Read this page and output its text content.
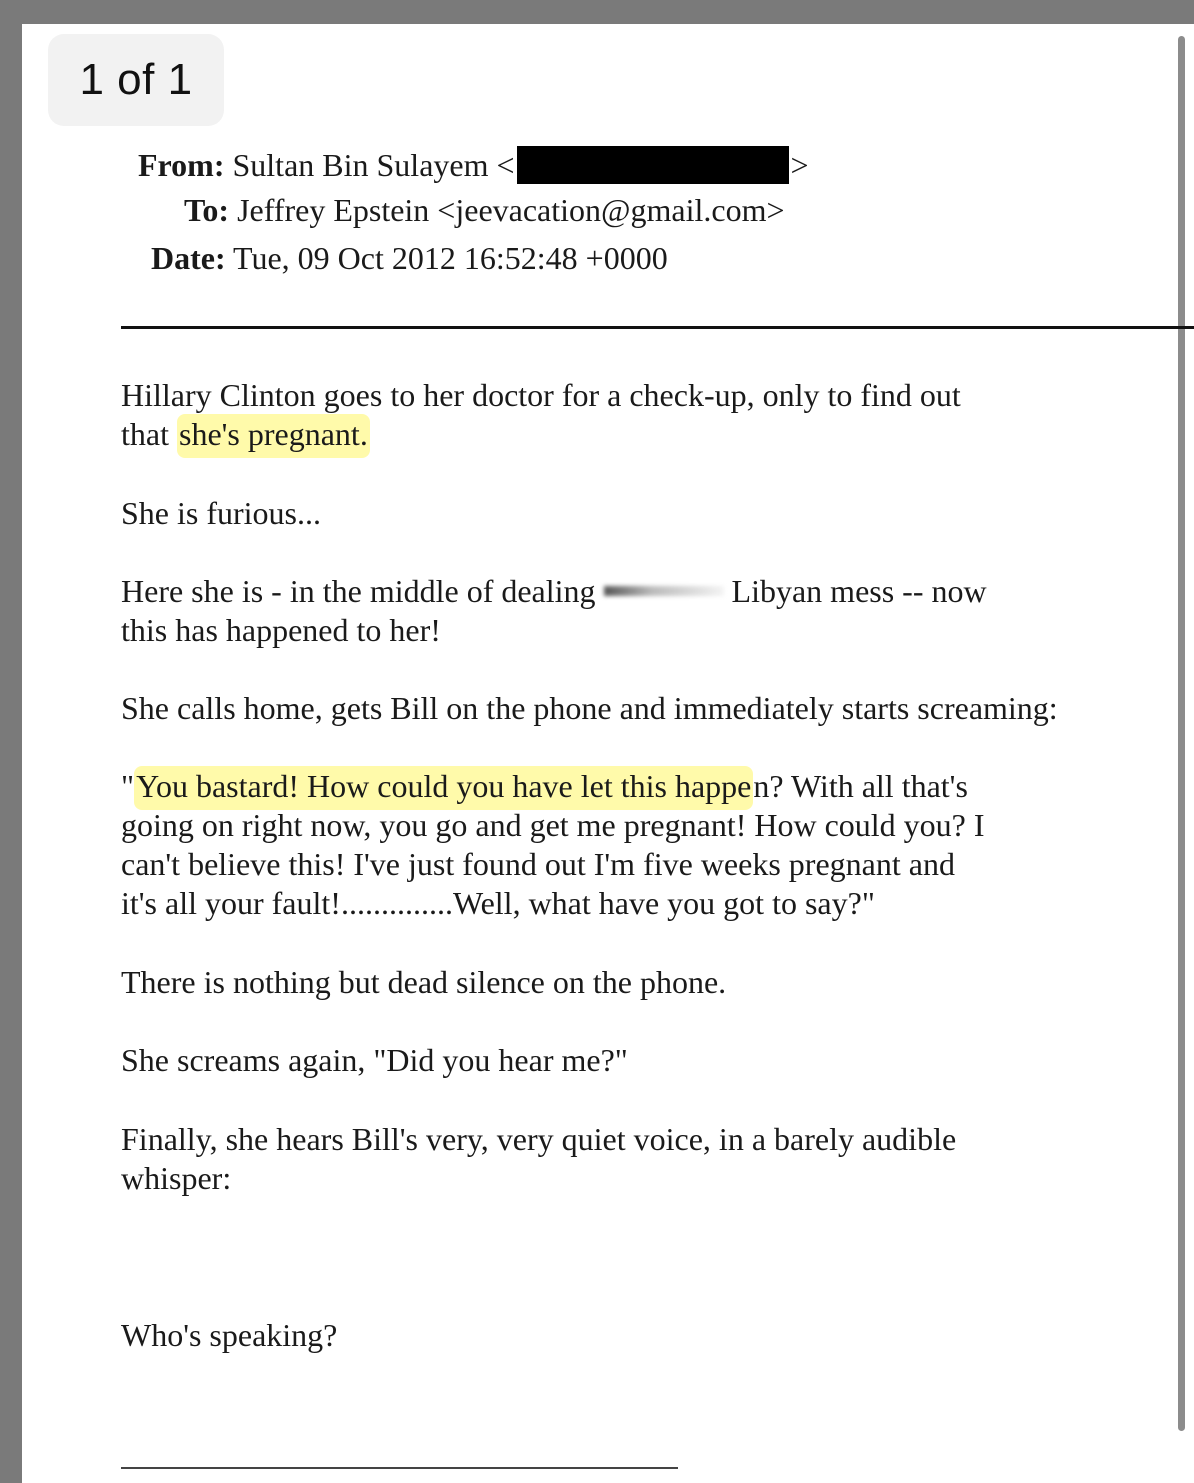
1 of 1
From: Sultan Bin Sulayem <	>
To: Jeffrey Epstein <jeevacation@gmail.com>
Date: Tue, 09 Oct 2012 16:52:48 +0000

Hillary Clinton goes to her doctor for a check-up, only to find out
that she's pregnant.

She is furious...

Here she is - in the middle of dealing	Libyan mess -- now
this has happened to her!

She calls home, gets Bill on the phone and immediately starts screaming:

"You bastard! How could you have let this happen? With all that's
going on right now, you go and get me pregnant! How could you? I
can't believe this! I've just found out I'm five weeks pregnant and
it's all your fault!..............Well, what have you got to say?"

There is nothing but dead silence on the phone.

She screams again, "Did you hear me?"

Finally, she hears Bill's very, very quiet voice, in a barely audible
whisper:

Who's speaking?
